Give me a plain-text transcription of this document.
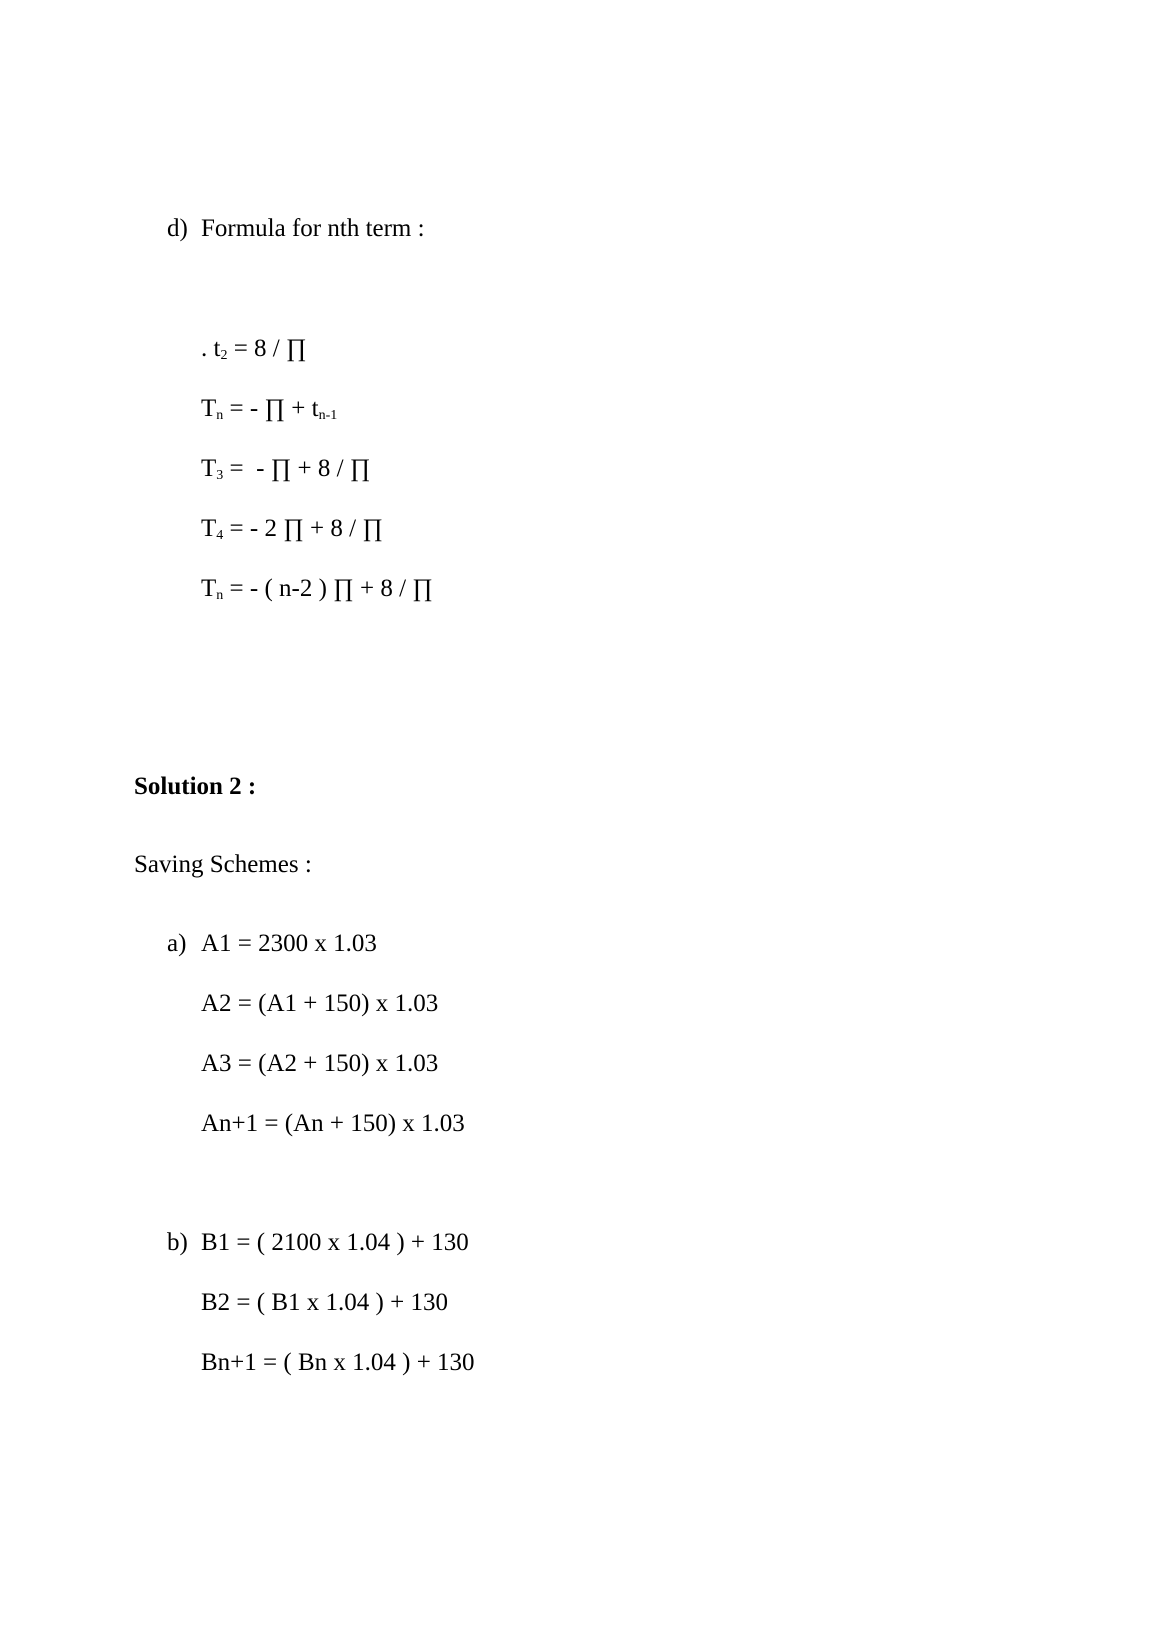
d) Formula for nth term :
. $t_2 = 8$ / ∏
$T_n$ = - ∏ + $t_{n-1}$
$T_3$ =  - ∏ + 8 / ∏
$T_4$ = - 2 ∏ + 8 / ∏
$T_n$ = - ( n-2 ) ∏ + 8 / ∏
Solution 2 :
Saving Schemes :
a) A1 = 2300 x 1.03
A2 = (A1 + 150) x 1.03
A3 = (A2 + 150) x 1.03
An+1 = (An + 150) x 1.03
b) B1 = ( 2100 x 1.04 ) + 130
B2 = ( B1 x 1.04 ) + 130
Bn+1 = ( Bn x 1.04 ) + 130
